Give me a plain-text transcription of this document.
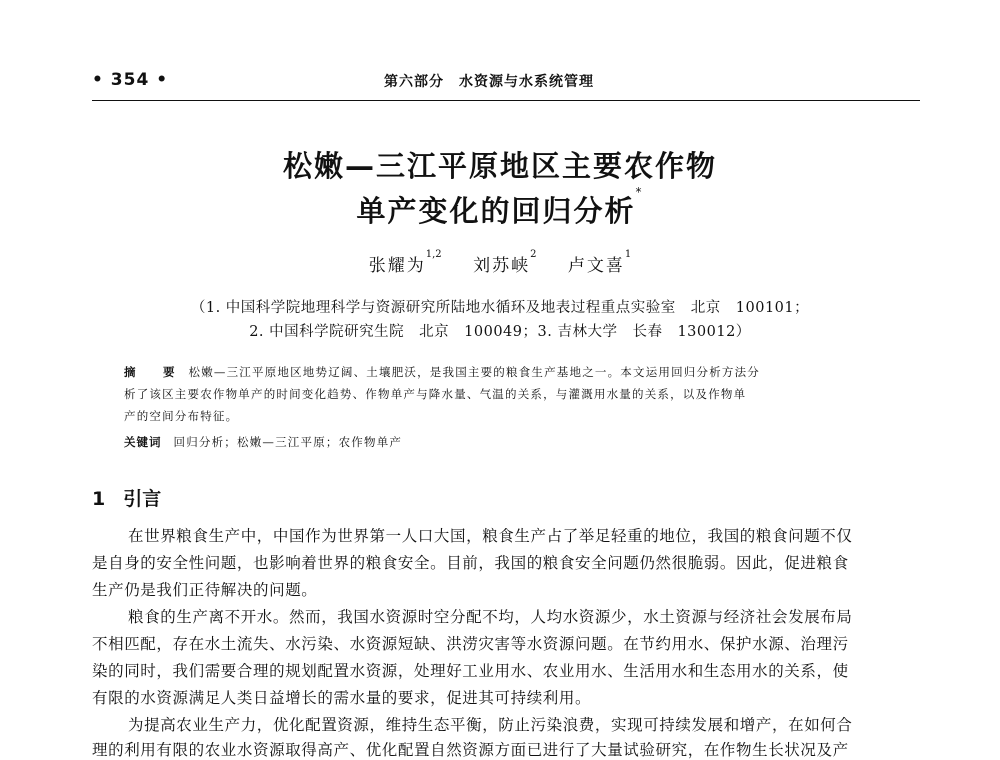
• 354 •	第六部分　水资源与水系统管理
松嫩—三江平原地区主要农作物
单产变化的回归分析*
张耀为$^{1,2}$ 刘苏峡$^2$ 卢文喜$^1$
（1. 中国科学院地理科学与资源研究所陆地水循环及地表过程重点实验室　北京　100101；
2. 中国科学院研究生院　北京　100049；3. 吉林大学　长春　130012）
摘　要 松嫩—三江平原地区地势辽阔、土壤肥沃，是我国主要的粮食生产基地之一。本文运用回归分析方法分
析了该区主要农作物单产的时间变化趋势、作物单产与降水量、气温的关系，与灌溉用水量的关系，以及作物单
产的空间分布特征。
关键词 回归分析；松嫩—三江平原；农作物单产
1 引言
在世界粮食生产中，中国作为世界第一人口大国，粮食生产占了举足轻重的地位，我国的粮食问题不仅
是自身的安全性问题，也影响着世界的粮食安全。目前，我国的粮食安全问题仍然很脆弱。因此，促进粮食
生产仍是我们正待解决的问题。
粮食的生产离不开水。然而，我国水资源时空分配不均，人均水资源少，水土资源与经济社会发展布局
不相匹配，存在水土流失、水污染、水资源短缺、洪涝灾害等水资源问题。在节约用水、保护水源、治理污
染的同时，我们需要合理的规划配置水资源，处理好工业用水、农业用水、生活用水和生态用水的关系，使
有限的水资源满足人类日益增长的需水量的要求，促进其可持续利用。
为提高农业生产力，优化配置资源，维持生态平衡，防止污染浪费，实现可持续发展和增产，在如何合
理的利用有限的农业水资源取得高产、优化配置自然资源方面已进行了大量试验研究，在作物生长状况及产
